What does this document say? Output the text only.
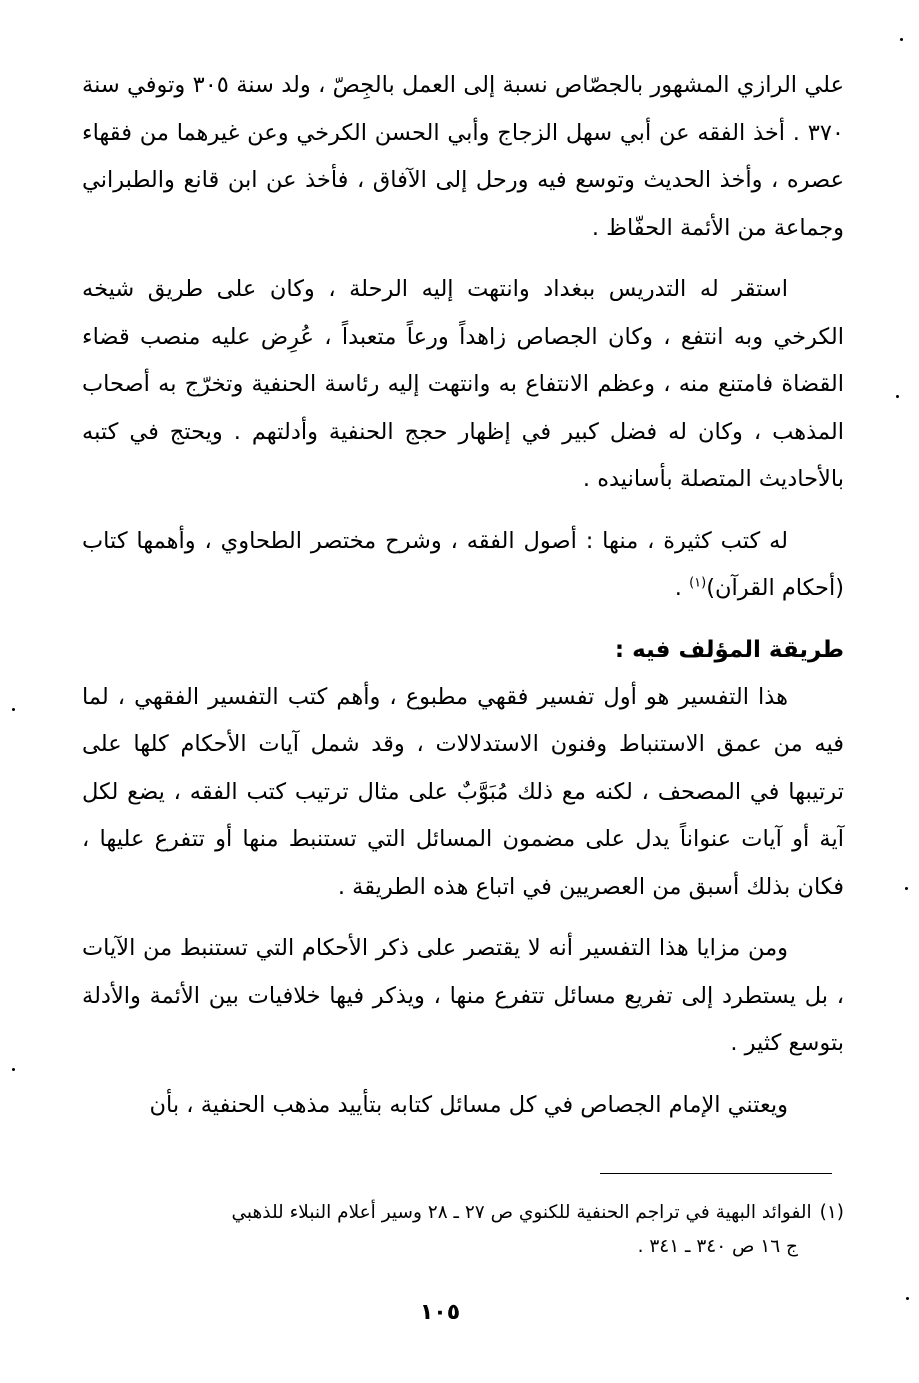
علي الرازي المشهور بالجصّاص نسبة إلى العمل بالجِصّ ، ولد سنة ٣٠٥ وتوفي سنة ٣٧٠ . أخذ الفقه عن أبي سهل الزجاج وأبي الحسن الكرخي وعن غيرهما من فقهاء عصره ، وأخذ الحديث وتوسع فيه ورحل إلى الآفاق ، فأخذ عن ابن قانع والطبراني وجماعة من الأئمة الحفّاظ .

استقر له التدريس ببغداد وانتهت إليه الرحلة ، وكان على طريق شيخه الكرخي وبه انتفع ، وكان الجصاص زاهداً ورعاً متعبداً ، عُرِض عليه منصب قضاء القضاة فامتنع منه ، وعظم الانتفاع به وانتهت إليه رئاسة الحنفية وتخرّج به أصحاب المذهب ، وكان له فضل كبير في إظهار حجج الحنفية وأدلتهم . ويحتج في كتبه بالأحاديث المتصلة بأسانيده .

له كتب كثيرة ، منها : أصول الفقه ، وشرح مختصر الطحاوي ، وأهمها كتاب (أحكام القرآن)$^{(١)}$ .

طريقة المؤلف فيه :

هذا التفسير هو أول تفسير فقهي مطبوع ، وأهم كتب التفسير الفقهي ، لما فيه من عمق الاستنباط وفنون الاستدلالات ، وقد شمل آيات الأحكام كلها على ترتيبها في المصحف ، لكنه مع ذلك مُبَوَّبٌ على مثال ترتيب كتب الفقه ، يضع لكل آية أو آيات عنواناً يدل على مضمون المسائل التي تستنبط منها أو تتفرع عليها ، فكان بذلك أسبق من العصريين في اتباع هذه الطريقة .

ومن مزايا هذا التفسير أنه لا يقتصر على ذكر الأحكام التي تستنبط من الآيات ، بل يستطرد إلى تفريع مسائل تتفرع منها ، ويذكر فيها خلافيات بين الأئمة والأدلة بتوسع كثير .

ويعتني الإمام الجصاص في كل مسائل كتابه بتأييد مذهب الحنفية ، بأن

(١)الفوائد البهية في تراجم الحنفية للكنوي ص ٢٧ ـ ٢٨ وسير أعلام النبلاء للذهبي
ج ١٦ ص ٣٤٠ ـ ٣٤١ .
١٠٥
